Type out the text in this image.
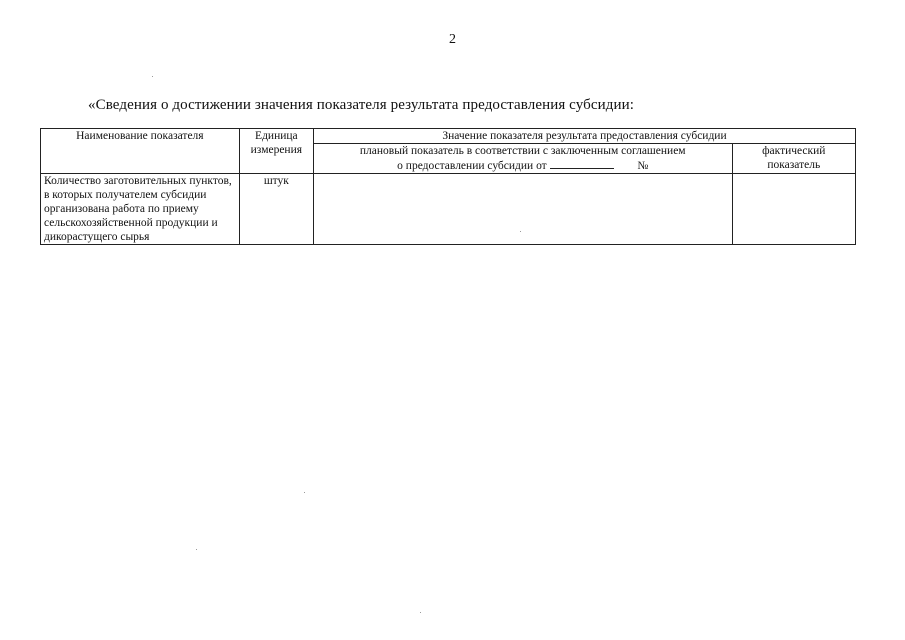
2
«Сведения о достижении значения показателя результата предоставления субсидии:
Наименование показателя	Единица измерения	Значение показателя результата предоставления субсидии	
		плановый показатель в соответствии с заключенным соглашением
о предоставлении субсидии от №	фактический показатель
Количество заготовительных пунктов, в которых получателем субсидии организована работа по приему сельскохозяйственной продукции и дикорастущего сырья	штук		
